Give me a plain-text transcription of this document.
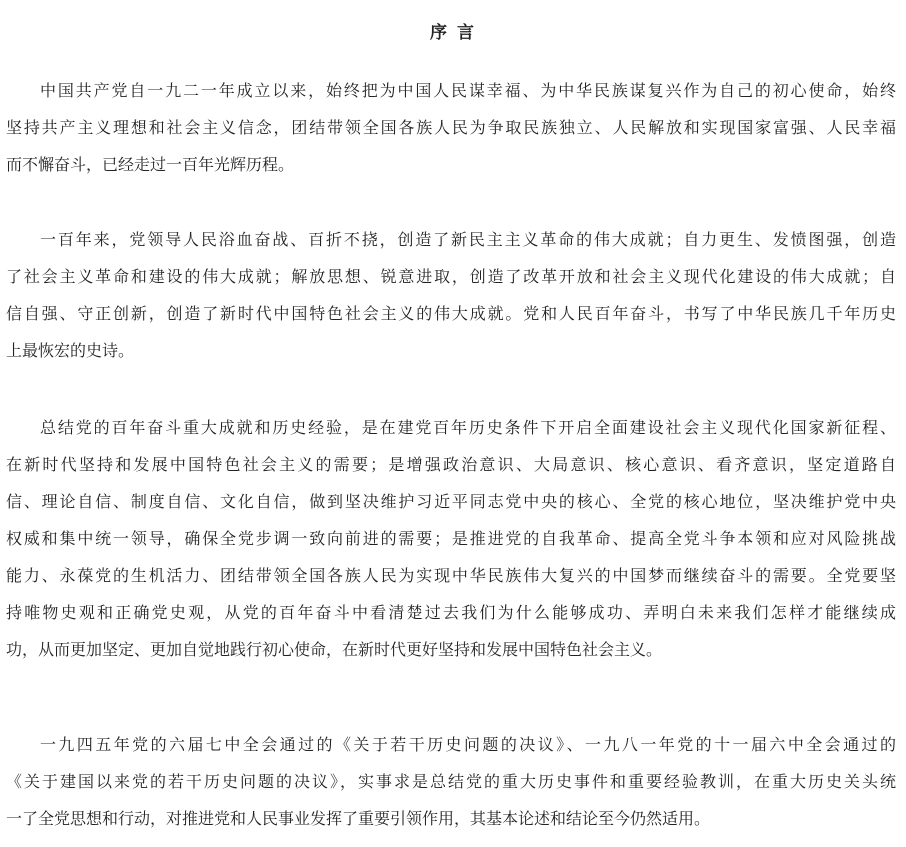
序 言
中国共产党自一九二一年成立以来，始终把为中国人民谋幸福、为中华民族谋复兴作为自己的初心使命，始终
坚持共产主义理想和社会主义信念，团结带领全国各族人民为争取民族独立、人民解放和实现国家富强、人民幸福
而不懈奋斗，已经走过一百年光辉历程。
一百年来，党领导人民浴血奋战、百折不挠，创造了新民主主义革命的伟大成就；自力更生、发愤图强，创造
了社会主义革命和建设的伟大成就；解放思想、锐意进取，创造了改革开放和社会主义现代化建设的伟大成就；自
信自强、守正创新，创造了新时代中国特色社会主义的伟大成就。党和人民百年奋斗，书写了中华民族几千年历史
上最恢宏的史诗。
总结党的百年奋斗重大成就和历史经验，是在建党百年历史条件下开启全面建设社会主义现代化国家新征程、
在新时代坚持和发展中国特色社会主义的需要；是增强政治意识、大局意识、核心意识、看齐意识，坚定道路自
信、理论自信、制度自信、文化自信，做到坚决维护习近平同志党中央的核心、全党的核心地位，坚决维护党中央
权威和集中统一领导，确保全党步调一致向前进的需要；是推进党的自我革命、提高全党斗争本领和应对风险挑战
能力、永葆党的生机活力、团结带领全国各族人民为实现中华民族伟大复兴的中国梦而继续奋斗的需要。全党要坚
持唯物史观和正确党史观，从党的百年奋斗中看清楚过去我们为什么能够成功、弄明白未来我们怎样才能继续成
功，从而更加坚定、更加自觉地践行初心使命，在新时代更好坚持和发展中国特色社会主义。
一九四五年党的六届七中全会通过的《关于若干历史问题的决议》、一九八一年党的十一届六中全会通过的
《关于建国以来党的若干历史问题的决议》，实事求是总结党的重大历史事件和重要经验教训，在重大历史关头统
一了全党思想和行动，对推进党和人民事业发挥了重要引领作用，其基本论述和结论至今仍然适用。
